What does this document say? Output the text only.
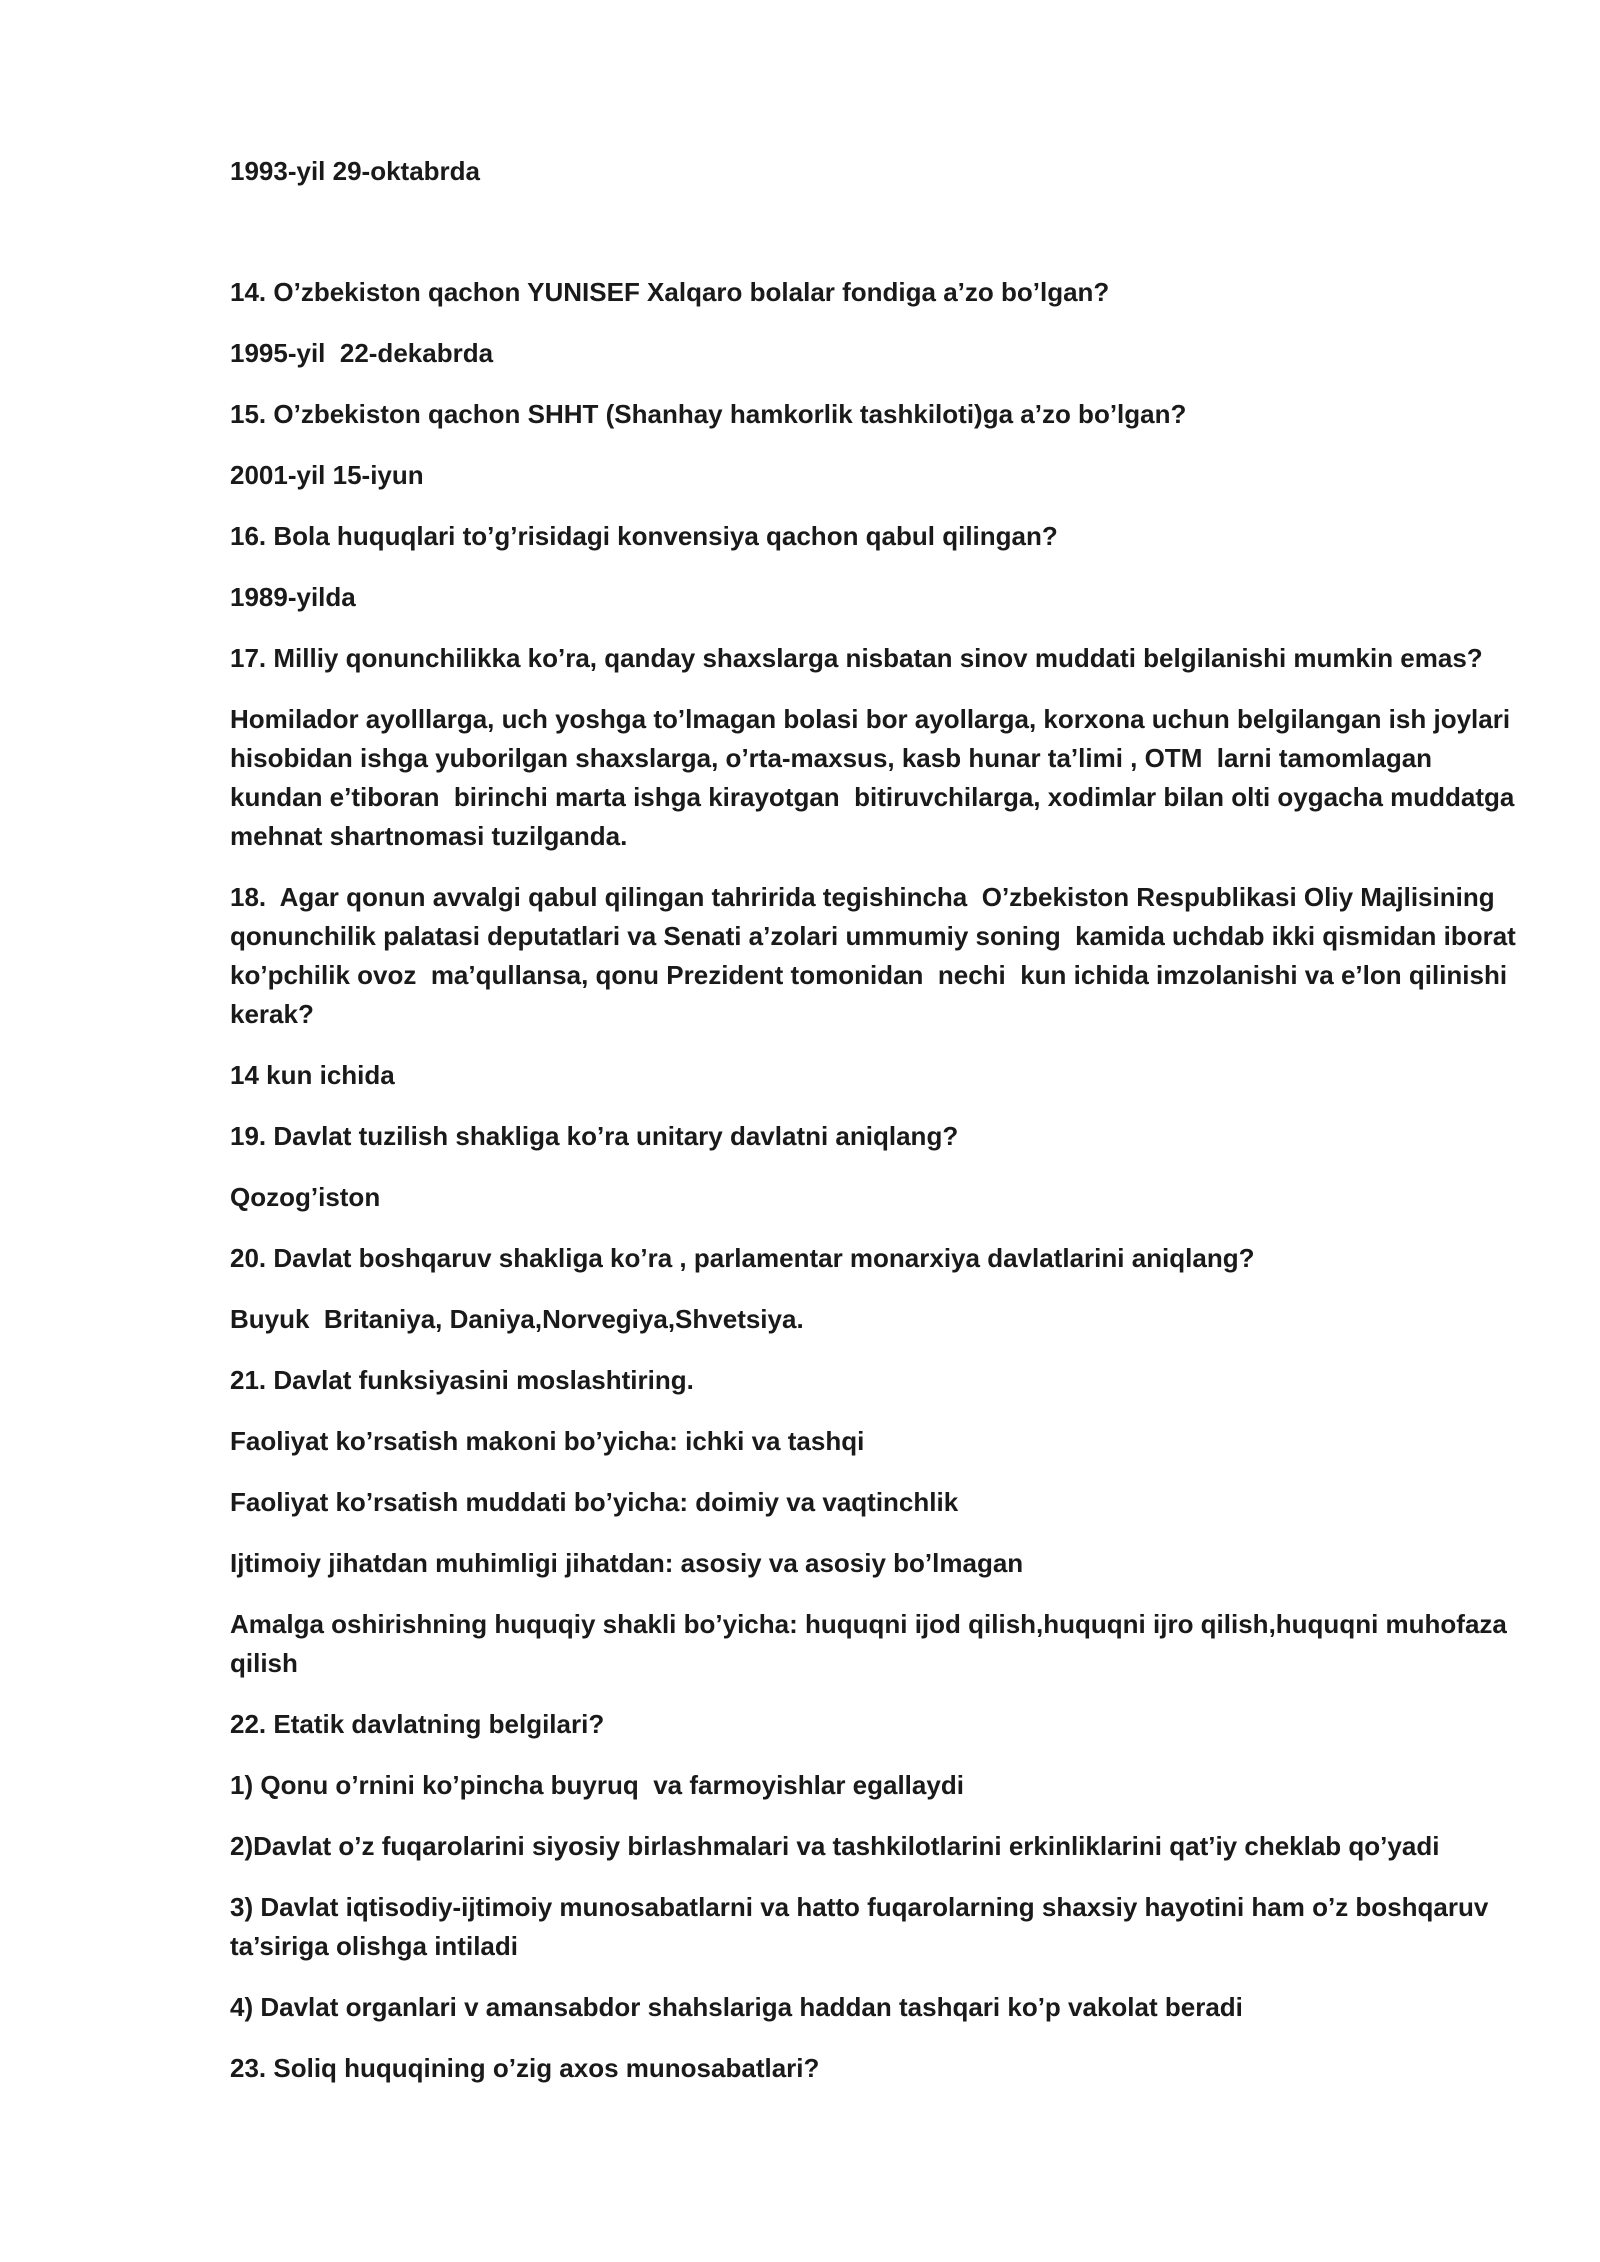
1993-yil 29-oktabrda

14. O’zbekiston qachon YUNISEF Xalqaro bolalar fondiga a’zo bo’lgan?

1995-yil  22-dekabrda

15. O’zbekiston qachon SHHT (Shanhay hamkorlik tashkiloti)ga a’zo bo’lgan?

2001-yil 15-iyun

16. Bola huquqlari to’g’risidagi konvensiya qachon qabul qilingan?

1989-yilda

17. Milliy qonunchilikka ko’ra, qanday shaxslarga nisbatan sinov muddati belgilanishi mumkin emas?

Homilador ayolllarga, uch yoshga to’lmagan bolasi bor ayollarga, korxona uchun belgilangan ish joylari hisobidan ishga yuborilgan shaxslarga, o’rta-maxsus, kasb hunar ta’limi , OTM  larni tamomlagan kundan e’tiboran  birinchi marta ishga kirayotgan  bitiruvchilarga, xodimlar bilan olti oygacha muddatga mehnat shartnomasi tuzilganda.

18.  Agar qonun avvalgi qabul qilingan tahririda tegishincha  O’zbekiston Respublikasi Oliy Majlisining qonunchilik palatasi deputatlari va Senati a’zolari ummumiy soning  kamida uchdab ikki qismidan iborat ko’pchilik ovoz  ma’qullansa, qonu Prezident tomonidan  nechi  kun ichida imzolanishi va e’lon qilinishi kerak?

14 kun ichida

19. Davlat tuzilish shakliga ko’ra unitary davlatni aniqlang?

Qozog’iston

20. Davlat boshqaruv shakliga ko’ra , parlamentar monarxiya davlatlarini aniqlang?

Buyuk  Britaniya, Daniya,Norvegiya,Shvetsiya.

21. Davlat funksiyasini moslashtiring.

Faoliyat ko’rsatish makoni bo’yicha: ichki va tashqi

Faoliyat ko’rsatish muddati bo’yicha: doimiy va vaqtinchlik

Ijtimoiy jihatdan muhimligi jihatdan: asosiy va asosiy bo’lmagan

Amalga oshirishning huquqiy shakli bo’yicha: huquqni ijod qilish,huquqni ijro qilish,huquqni muhofaza qilish

22. Etatik davlatning belgilari?

1) Qonu o’rnini ko’pincha buyruq  va farmoyishlar egallaydi

2)Davlat o’z fuqarolarini siyosiy birlashmalari va tashkilotlarini erkinliklarini qat’iy cheklab qo’yadi

3) Davlat iqtisodiy-ijtimoiy munosabatlarni va hatto fuqarolarning shaxsiy hayotini ham o’z boshqaruv ta’siriga olishga intiladi

4) Davlat organlari v amansabdor shahslariga haddan tashqari ko’p vakolat beradi

23. Soliq huquqining o’zig axos munosabatlari?
